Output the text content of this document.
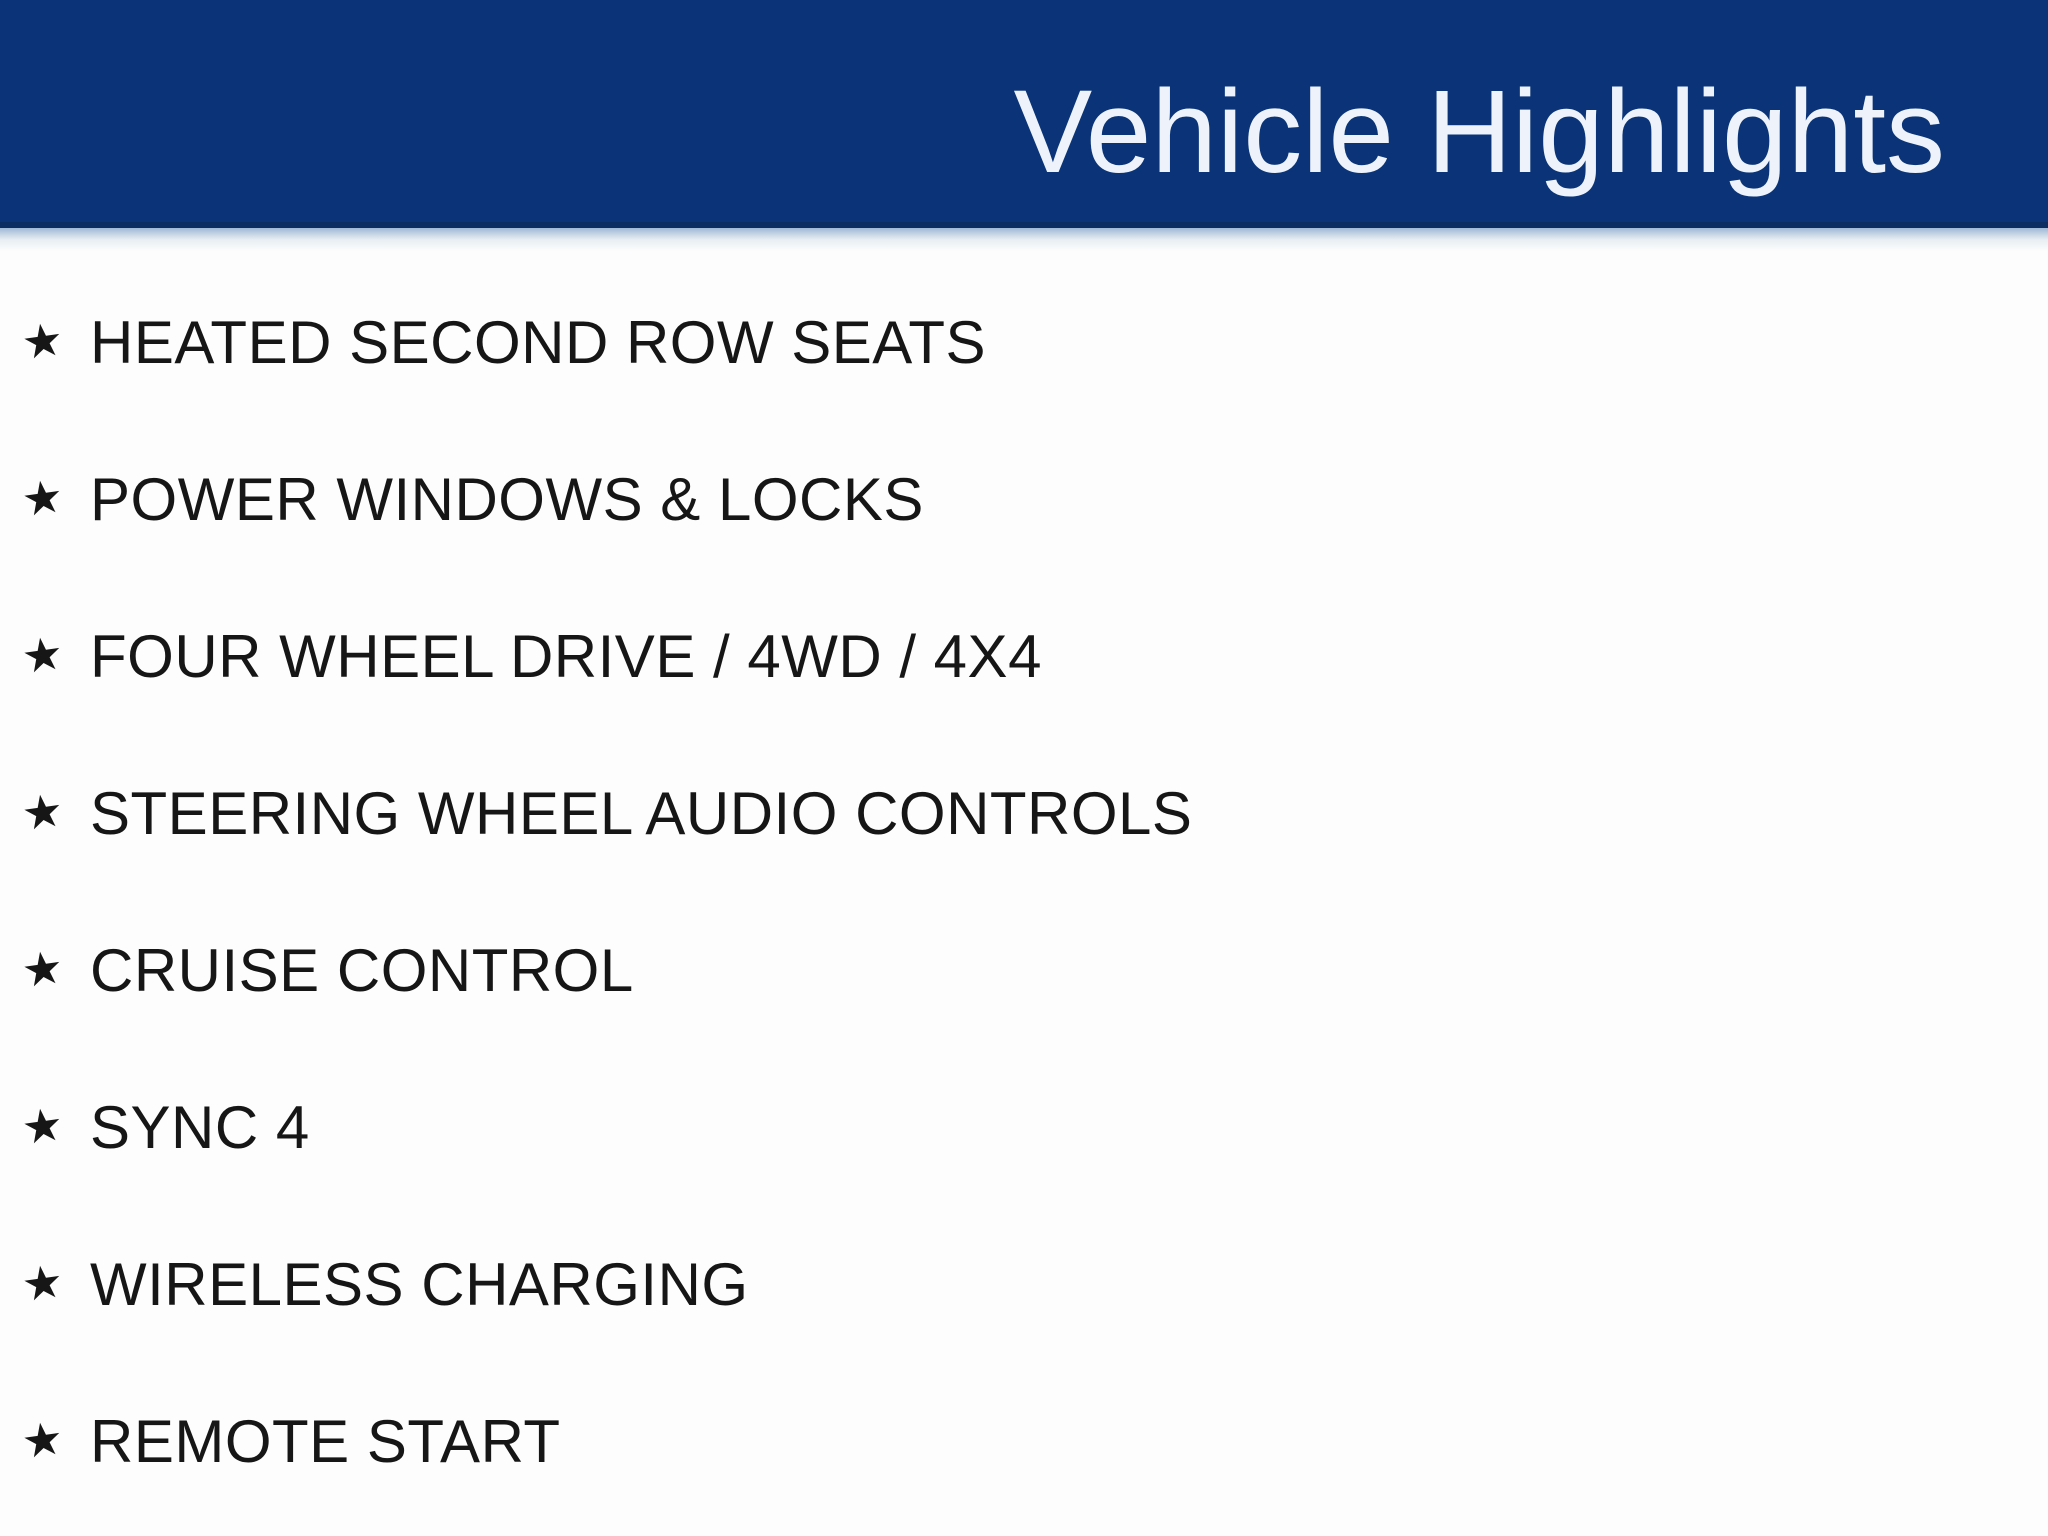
Vehicle Highlights
★ HEATED SECOND ROW SEATS
★ POWER WINDOWS & LOCKS
★ FOUR WHEEL DRIVE / 4WD / 4X4
★ STEERING WHEEL AUDIO CONTROLS
★ CRUISE CONTROL
★ SYNC 4
★ WIRELESS CHARGING
★ REMOTE START
